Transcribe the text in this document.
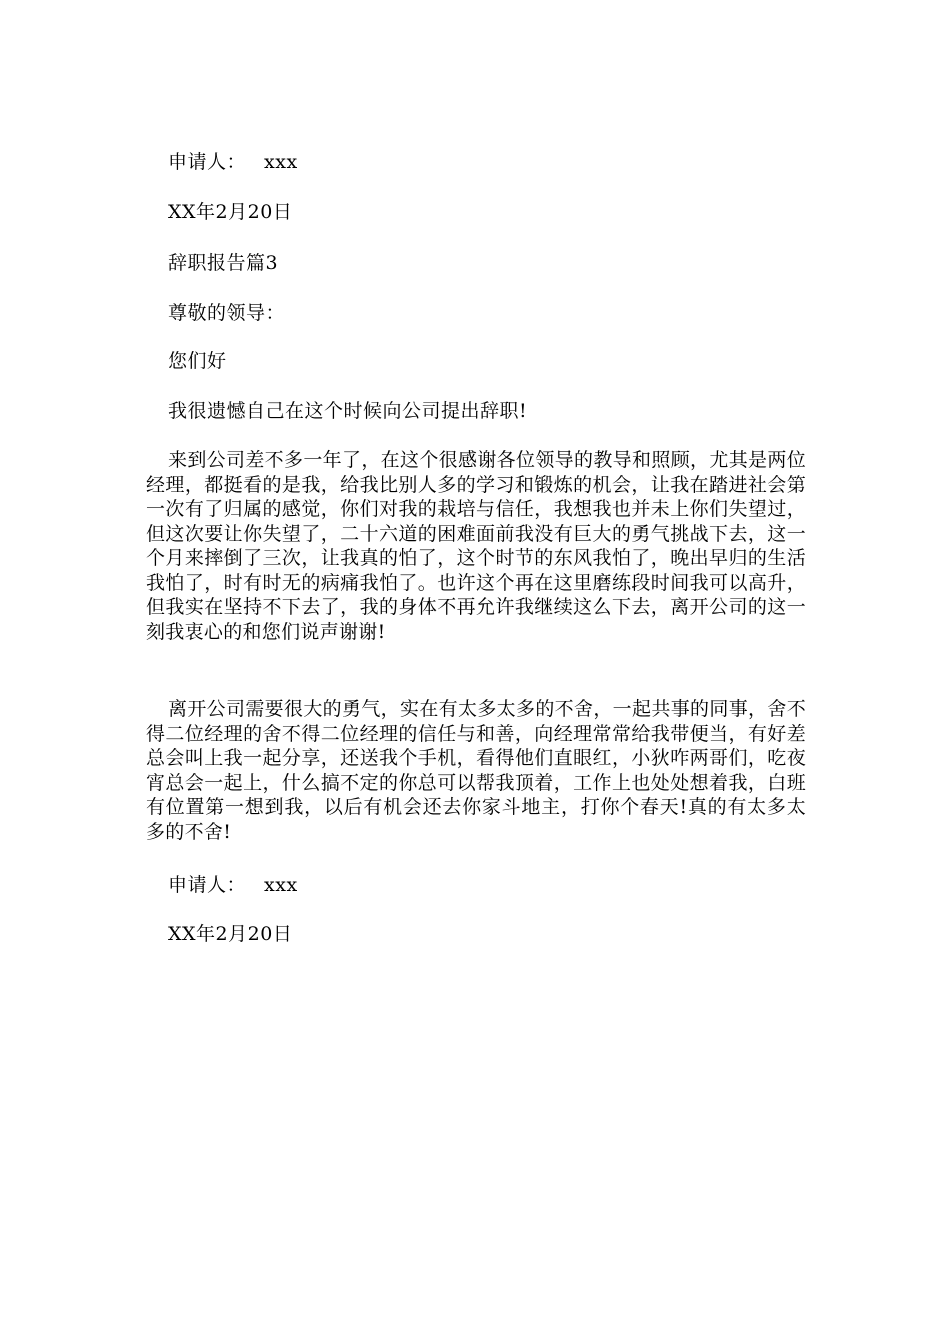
申请人： xxx
XX年2月20日
辞职报告篇3
尊敬的领导：
您们好
我很遗憾自己在这个时候向公司提出辞职!
来到公司差不多一年了，在这个很感谢各位领导的教导和照顾，尤其是两位经理，都挺看的是我，给我比别人多的学习和锻炼的机会，让我在踏进社会第一次有了归属的感觉，你们对我的栽培与信任，我想我也并未上你们失望过，但这次要让你失望了，二十六道的困难面前我没有巨大的勇气挑战下去，这一个月来摔倒了三次，让我真的怕了，这个时节的东风我怕了，晚出早归的生活我怕了，时有时无的病痛我怕了。也许这个再在这里磨练段时间我可以高升，但我实在坚持不下去了，我的身体不再允许我继续这么下去，离开公司的这一刻我衷心的和您们说声谢谢!
离开公司需要很大的勇气，实在有太多太多的不舍，一起共事的同事，舍不得二位经理的舍不得二位经理的信任与和善，向经理常常给我带便当，有好差总会叫上我一起分享，还送我个手机，看得他们直眼红，小狄咋两哥们，吃夜宵总会一起上，什么搞不定的你总可以帮我顶着，工作上也处处想着我，白班有位置第一想到我，以后有机会还去你家斗地主，打你个春天!真的有太多太多的不舍!
申请人： xxx
XX年2月20日
